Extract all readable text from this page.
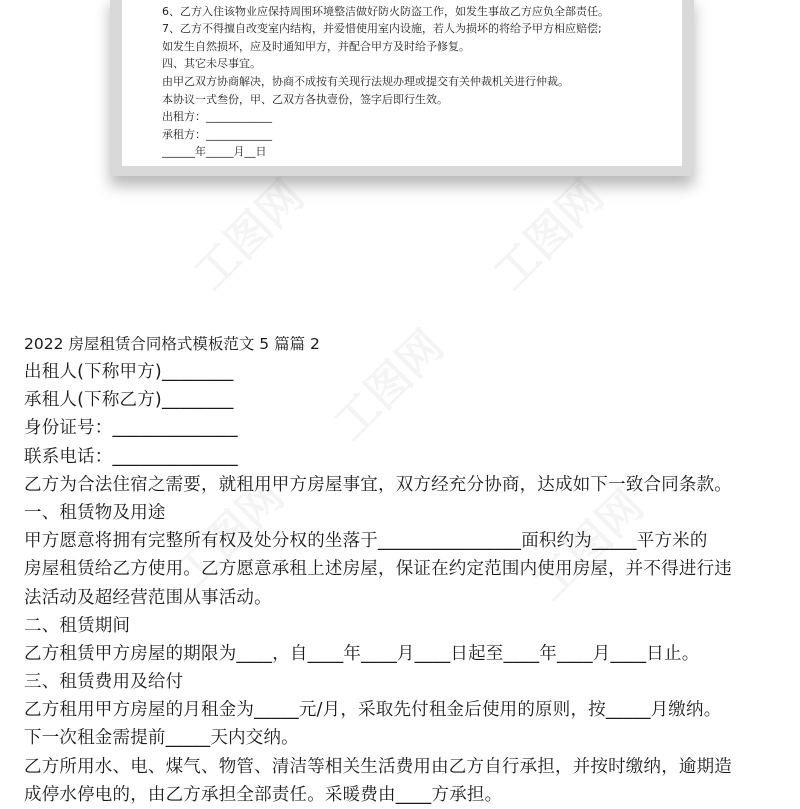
6、乙方入住该物业应保持周围环境整洁做好防火防盗工作，如发生事故乙方应负全部责任。
7、乙方不得擅自改变室内结构，并爱惜使用室内设施，若人为损坏的将给予甲方相应赔偿;
如发生自然损坏，应及时通知甲方，并配合甲方及时给予修复。
四、其它未尽事宜。
由甲乙双方协商解决，协商不成按有关现行法规办理或提交有关仲裁机关进行仲裁。
本协议一式叁份，甲、乙双方各执壹份，签字后即行生效。
出租方：____________
承租方：____________
______年_____月__日
2022 房屋租赁合同格式模板范文 5 篇篇 2
出租人(下称甲方)________
承租人(下称乙方)________
身份证号：______________
联系电话：______________
乙方为合法住宿之需要，就租用甲方房屋事宜，双方经充分协商，达成如下一致合同条款。
一、租赁物及用途
甲方愿意将拥有完整所有权及处分权的坐落于________________面积约为_____平方米的
房屋租赁给乙方使用。乙方愿意承租上述房屋，保证在约定范围内使用房屋，并不得进行违
法活动及超经营范围从事活动。
二、租赁期间
乙方租赁甲方房屋的期限为____，自____年____月____日起至____年____月____日止。
三、租赁费用及给付
乙方租用甲方房屋的月租金为_____元/月，采取先付租金后使用的原则，按_____月缴纳。
下一次租金需提前_____天内交纳。
乙方所用水、电、煤气、物管、清洁等相关生活费用由乙方自行承担，并按时缴纳，逾期造
成停水停电的，由乙方承担全部责任。采暖费由____方承担。
